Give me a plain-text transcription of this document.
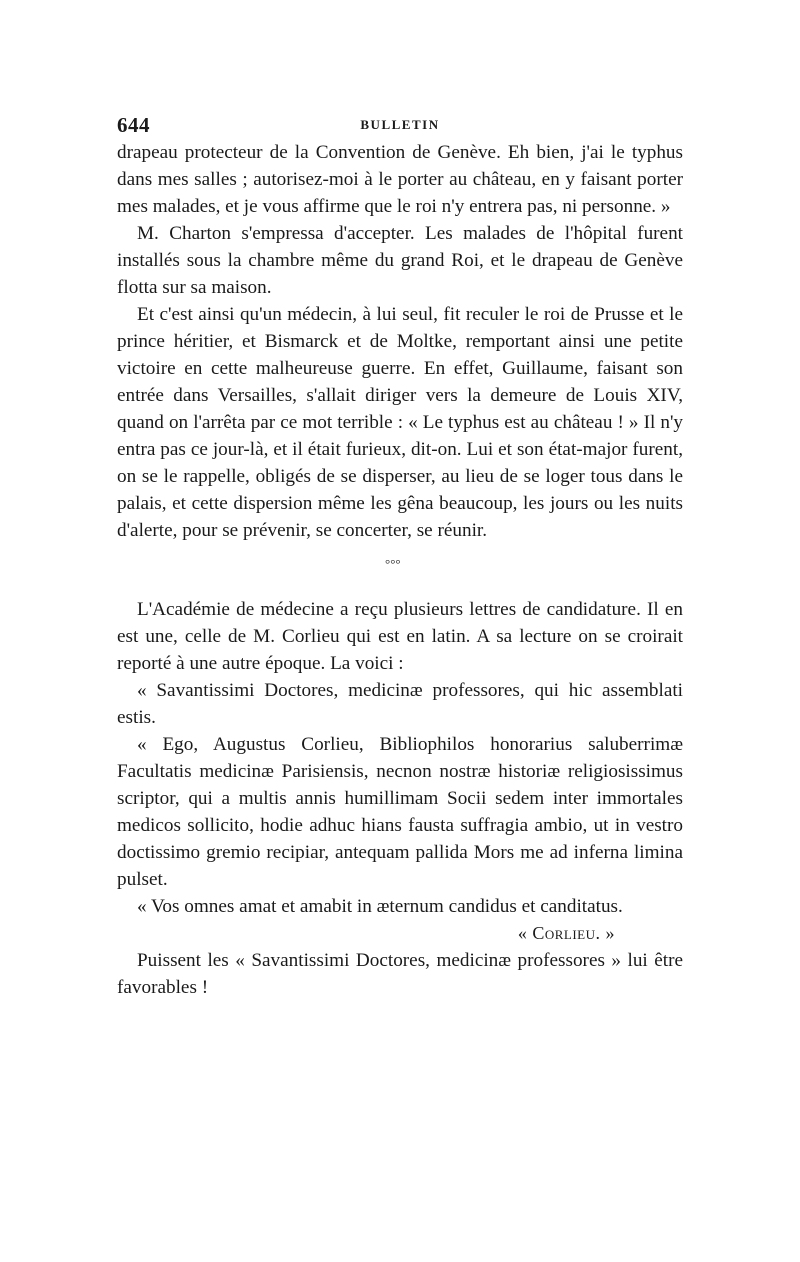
644	BULLETIN

drapeau protecteur de la Convention de Genève. Eh bien, j'ai le typhus dans mes salles ; autorisez-moi à le porter au château, en y faisant porter mes malades, et je vous affirme que le roi n'y entrera pas, ni personne. »

M. Charton s'empressa d'accepter. Les malades de l'hôpital furent installés sous la chambre même du grand Roi, et le drapeau de Genève flotta sur sa maison.

Et c'est ainsi qu'un médecin, à lui seul, fit reculer le roi de Prusse et le prince héritier, et Bismarck et de Moltke, remportant ainsi une petite victoire en cette malheureuse guerre. En effet, Guillaume, faisant son entrée dans Versailles, s'allait diriger vers la demeure de Louis XIV, quand on l'arrêta par ce mot terrible : « Le typhus est au château ! » Il n'y entra pas ce jour-là, et il était furieux, dit-on. Lui et son état-major furent, on se le rappelle, obligés de se disperser, au lieu de se loger tous dans le palais, et cette dispersion même les gêna beaucoup, les jours ou les nuits d'alerte, pour se prévenir, se concerter, se réunir.

°°°

L'Académie de médecine a reçu plusieurs lettres de candidature. Il en est une, celle de M. Corlieu qui est en latin. A sa lecture on se croirait reporté à une autre époque. La voici :

« Savantissimi Doctores, medicinæ professores, qui hic assemblati estis.

« Ego, Augustus Corlieu, Bibliophilos honorarius saluberrimæ Facultatis medicinæ Parisiensis, necnon nostræ historiæ religiosissimus scriptor, qui a multis annis humillimam Socii sedem inter immortales medicos sollicito, hodie adhuc hians fausta suffragia ambio, ut in vestro doctissimo gremio recipiar, antequam pallida Mors me ad inferna limina pulset.

« Vos omnes amat et amabit in æternum candidus et canditatus.

« Corlieu. »

Puissent les « Savantissimi Doctores, medicinæ professores » lui être favorables !
